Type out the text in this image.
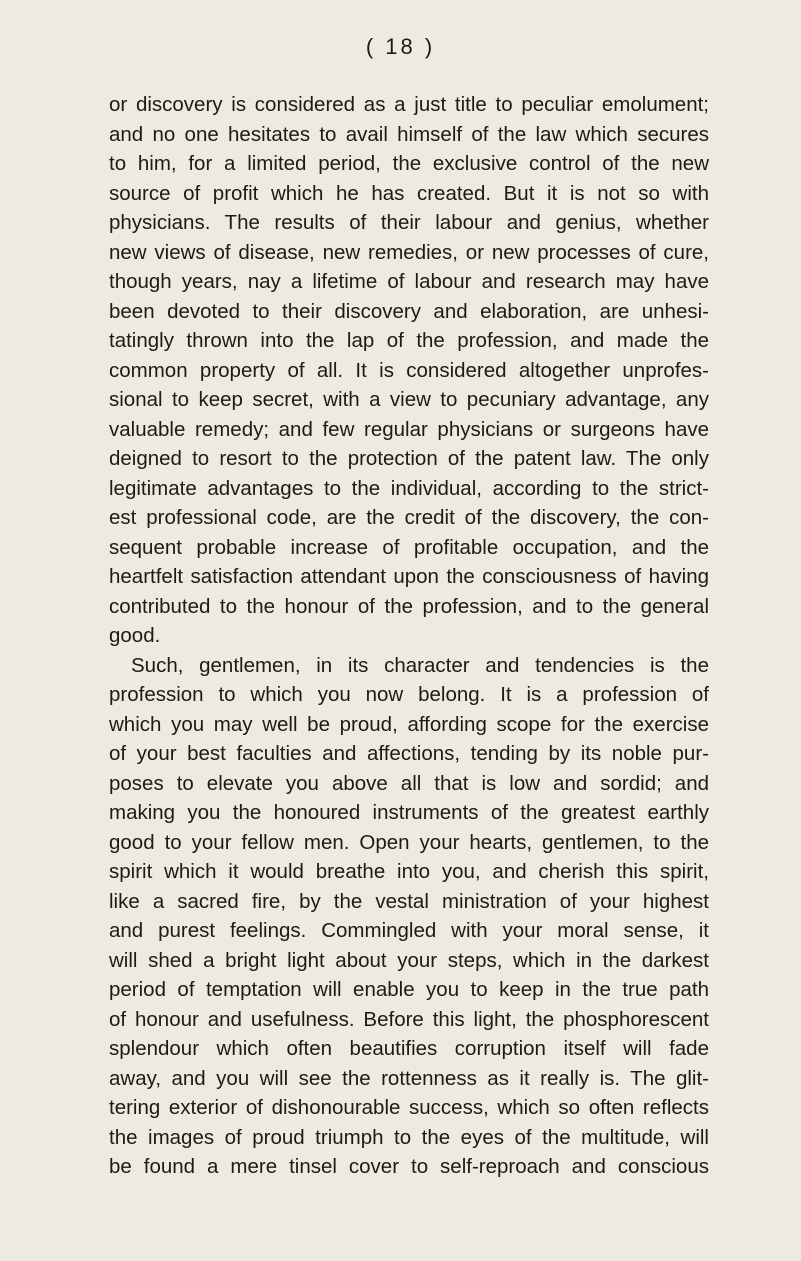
( 18 )
or discovery is considered as a just title to peculiar emolument;
and no one hesitates to avail himself of the law which secures
to him, for a limited period, the exclusive control of the new
source of profit which he has created. But it is not so with
physicians. The results of their labour and genius, whether
new views of disease, new remedies, or new processes of cure,
though years, nay a lifetime of labour and research may have
been devoted to their discovery and elaboration, are unhesi-
tatingly thrown into the lap of the profession, and made the
common property of all. It is considered altogether unprofes-
sional to keep secret, with a view to pecuniary advantage, any
valuable remedy; and few regular physicians or surgeons have
deigned to resort to the protection of the patent law. The only
legitimate advantages to the individual, according to the strict-
est professional code, are the credit of the discovery, the con-
sequent probable increase of profitable occupation, and the
heartfelt satisfaction attendant upon the consciousness of having
contributed to the honour of the profession, and to the general
good.
Such, gentlemen, in its character and tendencies is the
profession to which you now belong. It is a profession of
which you may well be proud, affording scope for the exercise
of your best faculties and affections, tending by its noble pur-
poses to elevate you above all that is low and sordid; and
making you the honoured instruments of the greatest earthly
good to your fellow men. Open your hearts, gentlemen, to the
spirit which it would breathe into you, and cherish this spirit,
like a sacred fire, by the vestal ministration of your highest
and purest feelings. Commingled with your moral sense, it
will shed a bright light about your steps, which in the darkest
period of temptation will enable you to keep in the true path
of honour and usefulness. Before this light, the phosphorescent
splendour which often beautifies corruption itself will fade
away, and you will see the rottenness as it really is. The glit-
tering exterior of dishonourable success, which so often reflects
the images of proud triumph to the eyes of the multitude, will
be found a mere tinsel cover to self-reproach and conscious
